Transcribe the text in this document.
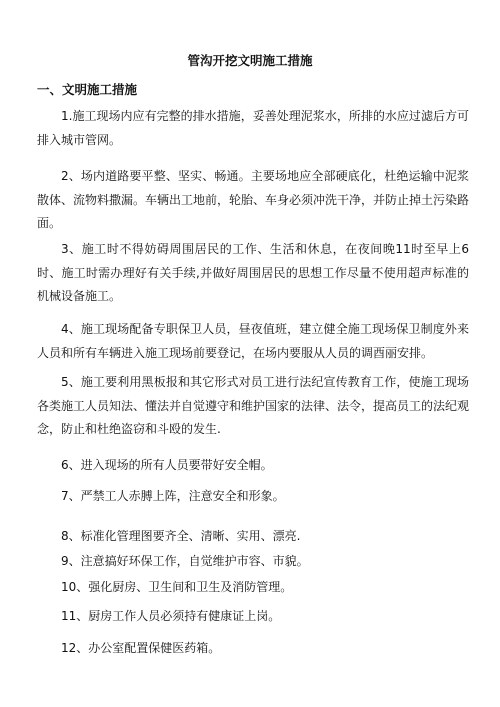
管沟开挖文明施工措施
一、文明施工措施

1.施工现场内应有完整的排水措施，妥善处理泥浆水，所排的水应过滤后方可排入城市管网。

2、场内道路要平整、坚实、畅通。主要场地应全部硬底化，杜绝运输中泥浆散体、流物料撒漏。车辆出工地前，轮胎、车身必须冲洗干净，并防止掉土污染路面。

3、施工时不得妨碍周围居民的工作、生活和休息，在夜间晚11时至早上6时、施工时需办理好有关手续,并做好周围居民的思想工作尽量不使用超声标准的机械设备施工。

4、施工现场配备专职保卫人员，昼夜值班，建立健全施工现场保卫制度外来人员和所有车辆进入施工现场前要登记，在场内要服从人员的调酉丽安排。

5、施工要利用黑板报和其它形式对员工进行法纪宣传教育工作，使施工现场各类施工人员知法、懂法并自觉遵守和维护国家的法律、法令，提高员工的法纪观念，防止和杜绝盗窃和斗殴的发生.

6、进入现场的所有人员要带好安全帽。

7、严禁工人赤膊上阵，注意安全和形象。

8、标准化管理图要齐全、清晰、实用、漂亮.

9、注意搞好环保工作，自觉维护市容、市貌。

10、强化厨房、卫生间和卫生及消防管理。

11、厨房工作人员必须持有健康证上岗。

12、办公室配置保健医药箱。
